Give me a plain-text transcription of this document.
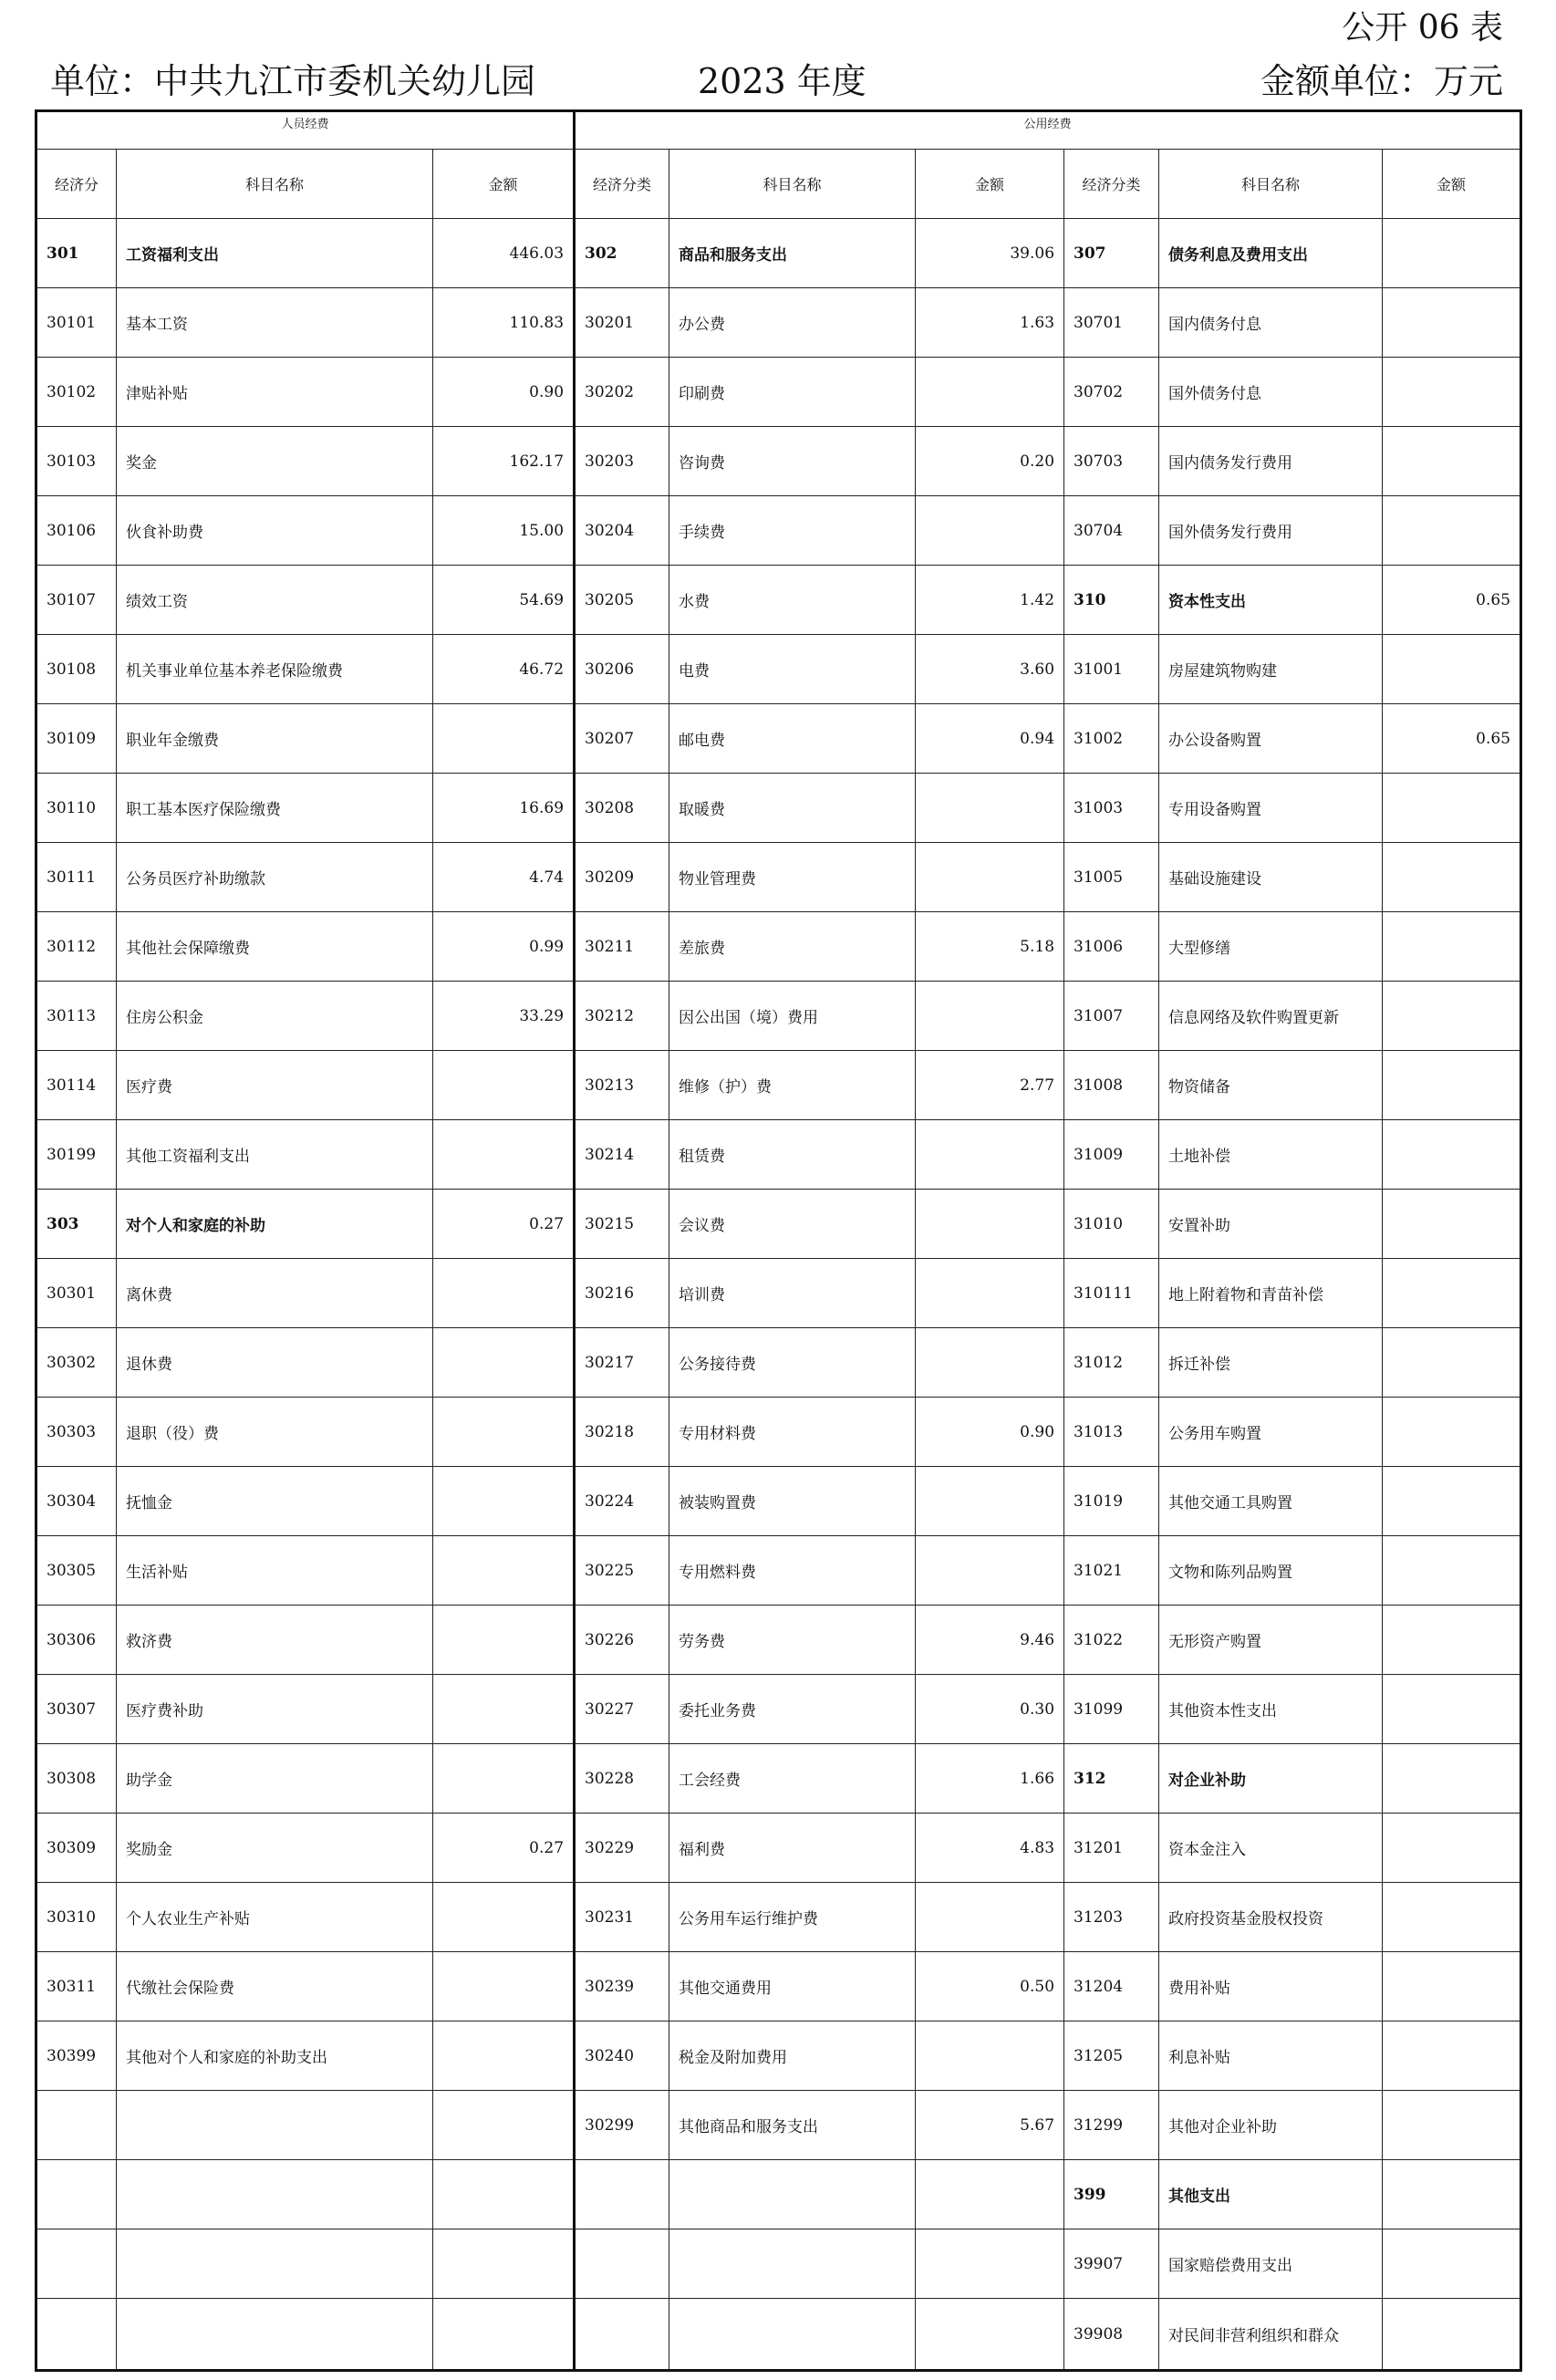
公开 06 表
单位：中共九江市委机关幼儿园	2023 年度	金额单位：万元
人员经费			公用经费					
经济分	科目名称	金额	经济分类	科目名称	金额	经济分类	科目名称	金额
301	工资福利支出	446.03	302	商品和服务支出	39.06	307	债务利息及费用支出	
30101	基本工资	110.83	30201	办公费	1.63	30701	国内债务付息	
30102	津贴补贴	0.90	30202	印刷费		30702	国外债务付息	
30103	奖金	162.17	30203	咨询费	0.20	30703	国内债务发行费用	
30106	伙食补助费	15.00	30204	手续费		30704	国外债务发行费用	
30107	绩效工资	54.69	30205	水费	1.42	310	资本性支出	0.65
30108	机关事业单位基本养老保险缴费	46.72	30206	电费	3.60	31001	房屋建筑物购建	
30109	职业年金缴费		30207	邮电费	0.94	31002	办公设备购置	0.65
30110	职工基本医疗保险缴费	16.69	30208	取暖费		31003	专用设备购置	
30111	公务员医疗补助缴款	4.74	30209	物业管理费		31005	基础设施建设	
30112	其他社会保障缴费	0.99	30211	差旅费	5.18	31006	大型修缮	
30113	住房公积金	33.29	30212	因公出国（境）费用		31007	信息网络及软件购置更新	
30114	医疗费		30213	维修（护）费	2.77	31008	物资储备	
30199	其他工资福利支出		30214	租赁费		31009	土地补偿	
303	对个人和家庭的补助	0.27	30215	会议费		31010	安置补助	
30301	离休费		30216	培训费		310111	地上附着物和青苗补偿	
30302	退休费		30217	公务接待费		31012	拆迁补偿	
30303	退职（役）费		30218	专用材料费	0.90	31013	公务用车购置	
30304	抚恤金		30224	被装购置费		31019	其他交通工具购置	
30305	生活补贴		30225	专用燃料费		31021	文物和陈列品购置	
30306	救济费		30226	劳务费	9.46	31022	无形资产购置	
30307	医疗费补助		30227	委托业务费	0.30	31099	其他资本性支出	
30308	助学金		30228	工会经费	1.66	312	对企业补助	
30309	奖励金	0.27	30229	福利费	4.83	31201	资本金注入	
30310	个人农业生产补贴		30231	公务用车运行维护费		31203	政府投资基金股权投资	
30311	代缴社会保险费		30239	其他交通费用	0.50	31204	费用补贴	
30399	其他对个人和家庭的补助支出		30240	税金及附加费用		31205	利息补贴	
			30299	其他商品和服务支出	5.67	31299	其他对企业补助	
						399	其他支出	
						39907	国家赔偿费用支出	
						39908	对民间非营利组织和群众	
